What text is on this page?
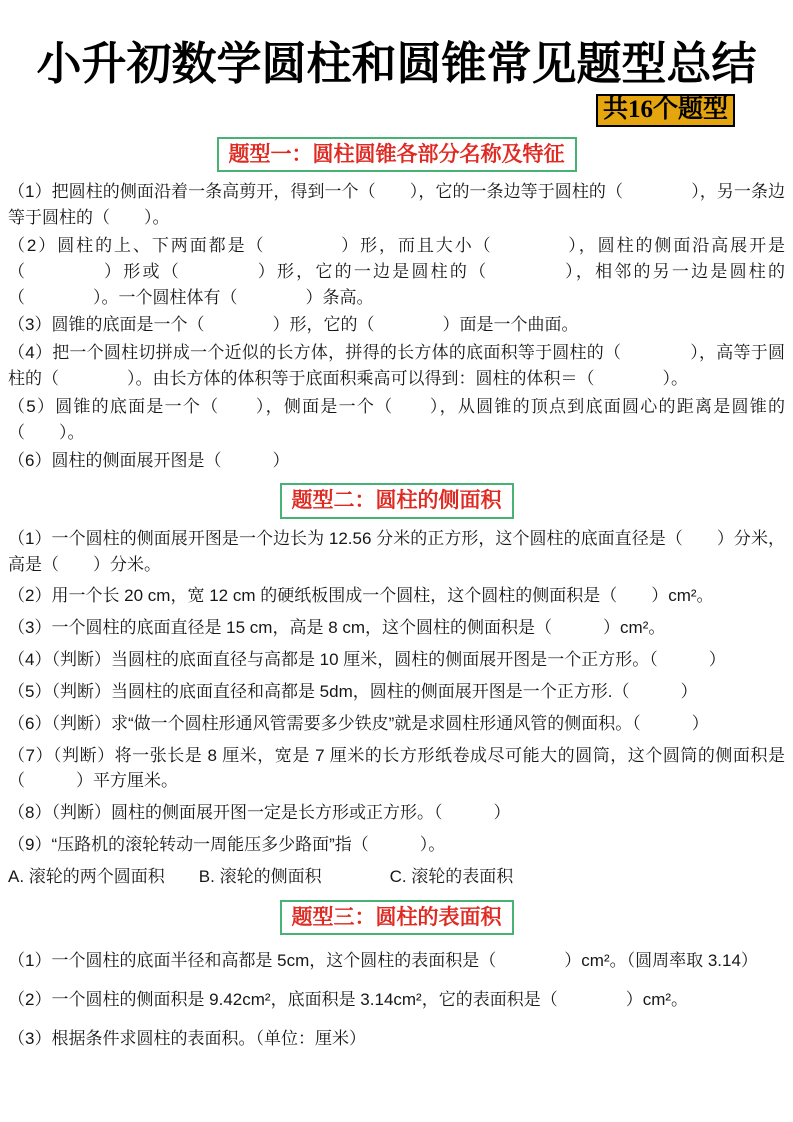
小升初数学圆柱和圆锥常见题型总结
共16个题型
题型一：圆柱圆锥各部分名称及特征

（1）把圆柱的侧面沿着一条高剪开，得到一个（　　），它的一条边等于圆柱的（　　　　），另一条边等于圆柱的（　　）。

（2）圆柱的上、下两面都是（　　　　）形，而且大小（　　　　），圆柱的侧面沿高展开是（　　　　）形或（　　　　）形，它的一边是圆柱的（　　　　），相邻的另一边是圆柱的（　　　　）。一个圆柱体有（　　　　）条高。

（3）圆锥的底面是一个（　　　　）形，它的（　　　　）面是一个曲面。

（4）把一个圆柱切拼成一个近似的长方体，拼得的长方体的底面积等于圆柱的（　　　　），高等于圆柱的（　　　　）。由长方体的体积等于底面积乘高可以得到：圆柱的体积＝（　　　　）。

（5）圆锥的底面是一个（　　），侧面是一个（　　），从圆锥的顶点到底面圆心的距离是圆锥的（　　）。

（6）圆柱的侧面展开图是（　　　）

题型二：圆柱的侧面积

（1）一个圆柱的侧面展开图是一个边长为 12.56 分米的正方形，这个圆柱的底面直径是（　　）分米，高是（　　）分米。

（2）用一个长 20 cm，宽 12 cm 的硬纸板围成一个圆柱，这个圆柱的侧面积是（　　）cm²。

（3）一个圆柱的底面直径是 15 cm，高是 8 cm，这个圆柱的侧面积是（　　　）cm²。

（4）（判断）当圆柱的底面直径与高都是 10 厘米，圆柱的侧面展开图是一个正方形。（　　　）

（5）（判断）当圆柱的底面直径和高都是 5dm，圆柱的侧面展开图是一个正方形.（　　　）

（6）（判断）求“做一个圆柱形通风管需要多少铁皮”就是求圆柱形通风管的侧面积。（　　　）

（7）（判断）将一张长是 8 厘米，宽是 7 厘米的长方形纸卷成尽可能大的圆筒，这个圆筒的侧面积是（　　　）平方厘米。

（8）（判断）圆柱的侧面展开图一定是长方形或正方形。（　　　）

（9）“压路机的滚轮转动一周能压多少路面”指（　　　）。

A. 滚轮的两个圆面积　　B. 滚轮的侧面积　　　　C. 滚轮的表面积

题型三：圆柱的表面积

（1）一个圆柱的底面半径和高都是 5cm，这个圆柱的表面积是（　　　　）cm²。（圆周率取 3.14）

（2）一个圆柱的侧面积是 9.42cm²，底面积是 3.14cm²，它的表面积是（　　　　）cm²。

（3）根据条件求圆柱的表面积。（单位：厘米）
